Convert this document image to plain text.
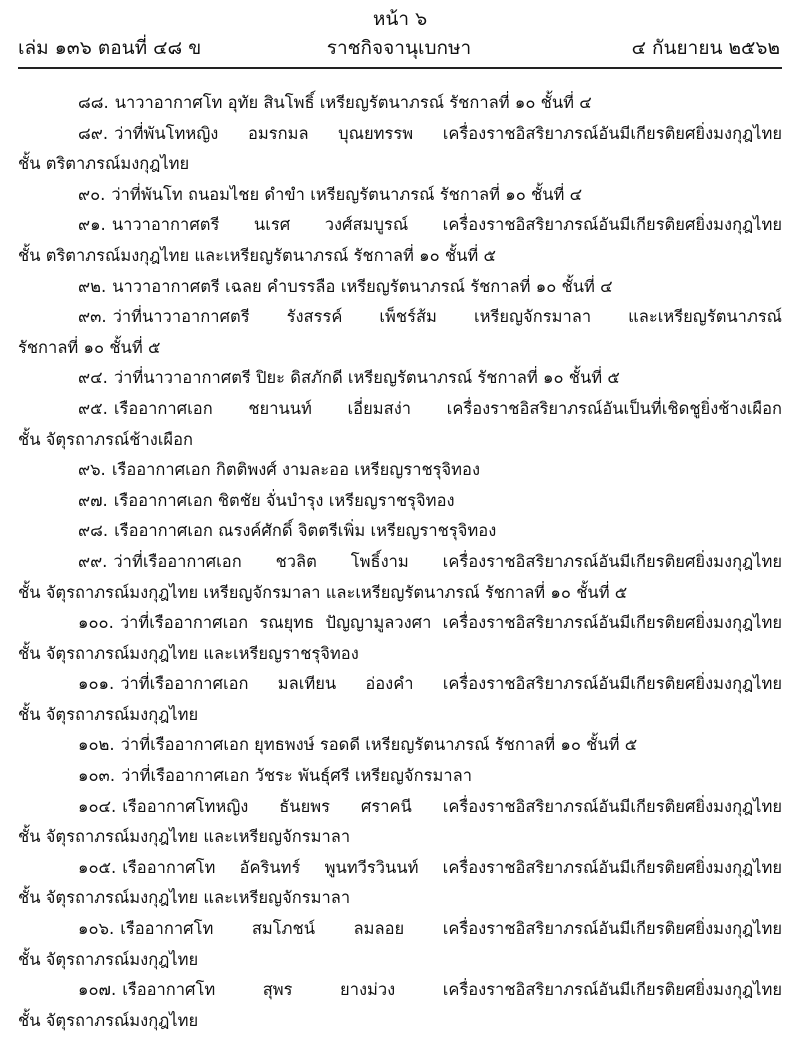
หน้า ๖
เล่ม ๑๓๖ ตอนที่ ๔๘ ข	ราชกิจจานุเบกษา	๔ กันยายน ๒๕๖๒
๘๘. นาวาอากาศโท อุทัย สินโพธิ์ เหรียญรัตนาภรณ์ รัชกาลที่ ๑๐ ชั้นที่ ๔
๘๙. ว่าที่พันโทหญิง อมรกมล บุณยทรรพ เครื่องราชอิสริยาภรณ์อันมีเกียรติยศยิ่งมงกุฎไทย
ชั้น ตริตาภรณ์มงกุฎไทย
๙๐. ว่าที่พันโท ถนอมไชย ดำขำ เหรียญรัตนาภรณ์ รัชกาลที่ ๑๐ ชั้นที่ ๔
๙๑. นาวาอากาศตรี นเรศ วงศ์สมบูรณ์ เครื่องราชอิสริยาภรณ์อันมีเกียรติยศยิ่งมงกุฎไทย
ชั้น ตริตาภรณ์มงกุฎไทย และเหรียญรัตนาภรณ์ รัชกาลที่ ๑๐ ชั้นที่ ๕
๙๒. นาวาอากาศตรี เฉลย คำบรรลือ เหรียญรัตนาภรณ์ รัชกาลที่ ๑๐ ชั้นที่ ๔
๙๓. ว่าที่นาวาอากาศตรี รังสรรค์ เพ็ชร์ส้ม เหรียญจักรมาลา และเหรียญรัตนาภรณ์
รัชกาลที่ ๑๐ ชั้นที่ ๕
๙๔. ว่าที่นาวาอากาศตรี ปิยะ ดิสภักดี เหรียญรัตนาภรณ์ รัชกาลที่ ๑๐ ชั้นที่ ๕
๙๕. เรืออากาศเอก ชยานนท์ เอี่ยมสง่า เครื่องราชอิสริยาภรณ์อันเป็นที่เชิดชูยิ่งช้างเผือก
ชั้น จัตุรถาภรณ์ช้างเผือก
๙๖. เรืออากาศเอก กิตติพงศ์ งามละออ เหรียญราชรุจิทอง
๙๗. เรืออากาศเอก ชิตชัย จั่นบำรุง เหรียญราชรุจิทอง
๙๘. เรืออากาศเอก ณรงค์ศักดิ์ จิตตรีเพิ่ม เหรียญราชรุจิทอง
๙๙. ว่าที่เรืออากาศเอก ชวลิต โพธิ์งาม เครื่องราชอิสริยาภรณ์อันมีเกียรติยศยิ่งมงกุฎไทย
ชั้น จัตุรถาภรณ์มงกุฎไทย เหรียญจักรมาลา และเหรียญรัตนาภรณ์ รัชกาลที่ ๑๐ ชั้นที่ ๕
๑๐๐. ว่าที่เรืออากาศเอก รณยุทธ ปัญญามูลวงศา เครื่องราชอิสริยาภรณ์อันมีเกียรติยศยิ่งมงกุฎไทย
ชั้น จัตุรถาภรณ์มงกุฎไทย และเหรียญราชรุจิทอง
๑๐๑. ว่าที่เรืออากาศเอก มลเทียน อ่องคำ เครื่องราชอิสริยาภรณ์อันมีเกียรติยศยิ่งมงกุฎไทย
ชั้น จัตุรถาภรณ์มงกุฎไทย
๑๐๒. ว่าที่เรืออากาศเอก ยุทธพงษ์ รอดดี เหรียญรัตนาภรณ์ รัชกาลที่ ๑๐ ชั้นที่ ๕
๑๐๓. ว่าที่เรืออากาศเอก วัชระ พันธุ์ศรี เหรียญจักรมาลา
๑๐๔. เรืออากาศโทหญิง ธันยพร ศราคนี เครื่องราชอิสริยาภรณ์อันมีเกียรติยศยิ่งมงกุฎไทย
ชั้น จัตุรถาภรณ์มงกุฎไทย และเหรียญจักรมาลา
๑๐๕. เรืออากาศโท อัครินทร์ พูนทวีรวินนท์ เครื่องราชอิสริยาภรณ์อันมีเกียรติยศยิ่งมงกุฎไทย
ชั้น จัตุรถาภรณ์มงกุฎไทย และเหรียญจักรมาลา
๑๐๖. เรืออากาศโท สมโภชน์ ลมลอย เครื่องราชอิสริยาภรณ์อันมีเกียรติยศยิ่งมงกุฎไทย
ชั้น จัตุรถาภรณ์มงกุฎไทย
๑๐๗. เรืออากาศโท สุพร ยางม่วง เครื่องราชอิสริยาภรณ์อันมีเกียรติยศยิ่งมงกุฎไทย
ชั้น จัตุรถาภรณ์มงกุฎไทย
